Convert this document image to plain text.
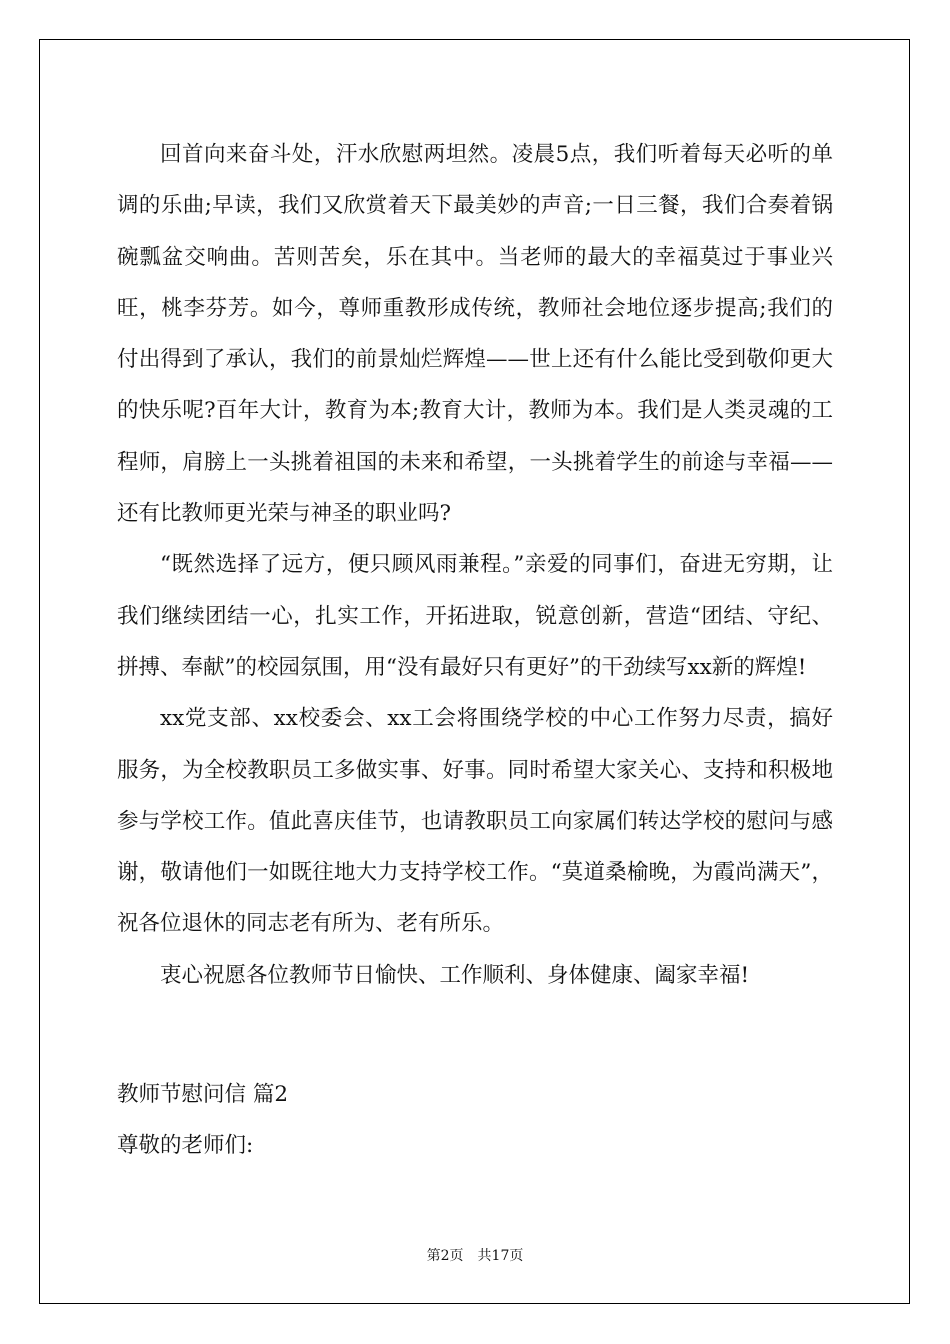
回首向来奋斗处，汗水欣慰两坦然。凌晨5点，我们听着每天必听的单调的乐曲;早读，我们又欣赏着天下最美妙的声音;一日三餐，我们合奏着锅碗瓢盆交响曲。苦则苦矣，乐在其中。当老师的最大的幸福莫过于事业兴旺，桃李芬芳。如今，尊师重教形成传统，教师社会地位逐步提高;我们的付出得到了承认，我们的前景灿烂辉煌——世上还有什么能比受到敬仰更大的快乐呢?百年大计，教育为本;教育大计，教师为本。我们是人类灵魂的工程师，肩膀上一头挑着祖国的未来和希望，一头挑着学生的前途与幸福——还有比教师更光荣与神圣的职业吗?

“既然选择了远方，便只顾风雨兼程。”亲爱的同事们，奋进无穷期，让我们继续团结一心，扎实工作，开拓进取，锐意创新，营造“团结、守纪、拼搏、奉献”的校园氛围，用“没有最好只有更好”的干劲续写xx新的辉煌!

xx党支部、xx校委会、xx工会将围绕学校的中心工作努力尽责，搞好服务，为全校教职员工多做实事、好事。同时希望大家关心、支持和积极地参与学校工作。值此喜庆佳节，也请教职员工向家属们转达学校的慰问与感谢，敬请他们一如既往地大力支持学校工作。“莫道桑榆晚，为霞尚满天”，祝各位退休的同志老有所为、老有所乐。

衷心祝愿各位教师节日愉快、工作顺利、身体健康、阖家幸福!

教师节慰问信 篇2
尊敬的老师们:
第2页 共17页
